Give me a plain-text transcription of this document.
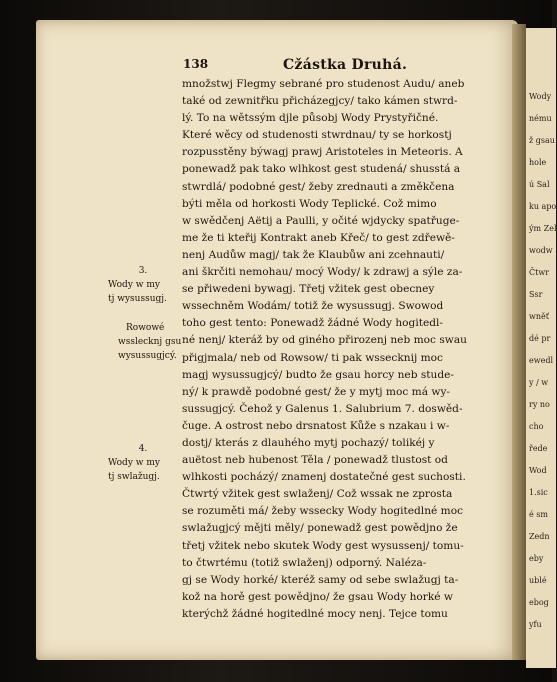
Wody
nému
ž gsau
hole
ú Sal
ku apo
ým Zel
wodw
Čtwr
Ssr
wněť
dé pr
ewedl
y / w
ry no
cho
řede
Wod
1.sic
é sm
Zedn
eby
ublé
ebog
yfu
138	Cžástka Druhá.
množstwj Flegmy sebrané pro studenost Audu/ aneb
také od zewnitřku přicházegjcy/ tako kámen stwrd-
lý. To na wětssým djle působj Wody Prystyřičné.
Které wěcy od studenosti stwrdnau/ ty se horkostj
rozpusstěny býwagj prawj Aristoteles in Meteoris. A
ponewadž pak tako wlhkost gest studená/ shusstá a
stwrdlá/ podobné gest/ žeby zrednauti a změkčena
býti měla od horkosti Wody Teplické. Což mimo
w swědčenj Aëtij a Paulli, y očité wjdycky spatřuge-
me že ti kteřij Kontrakt aneb Křeč/ to gest zdřewě-
nenj Audůw magj/ tak že Klaubůw ani zcehnauti/
ani škrčiti nemohau/ mocý Wody/ k zdrawj a sýle za-
se přiwedeni bywagj. Třetj vžitek gest obecney
wssechněm Wodám/ totiž že wysussugj. Swowod
toho gest tento: Ponewadž žádné Wody hogitedl-
né nenj/ kteráž by od giného přirozenj neb moc swau
přigjmala/ neb od Rowsow/ ti pak wssecknij moc
magj wysussugjcý/ budto že gsau horcy neb stude-
ný/ k prawdě podobné gest/ že y mytj moc má wy-
sussugjcý. Čehož y Galenus 1. Salubrium 7. doswěd-
čuge. A ostrost nebo drsnatost Kůže s nzakau i w-
dostj/ kterás z dlauhého mytj pochazý/ tolikéj y
auëtost neb hubenost Těla / ponewadž tlustost od
wlhkosti pocházý/ znamenj dostatečné gest suchosti.
Čtwrtý vžitek gest swlaženj/ Což wssak ne zprosta
se rozuměti má/ žeby wssecky Wody hogitedlné moc
swlažugjcý mějti měly/ ponewadž gest powědjno že
třetj vžitek nebo skutek Wody gest wysussenj/ tomu-
to čtwrtému (totiž swlaženj) odporný. Naléza-
gj se Wody horké/ kteréž samy od sebe swlažugj ta-
kož na horě gest powědjno/ že gsau Wody horké w
kterýchž žádné hogitedlné mocy nenj. Tejce tomu
3.
Wody w my
tj wysussugj.
Rowowé
wsslecknj gsu
wysussugjcý.
4.
Wody w my
tj swlažugj.
